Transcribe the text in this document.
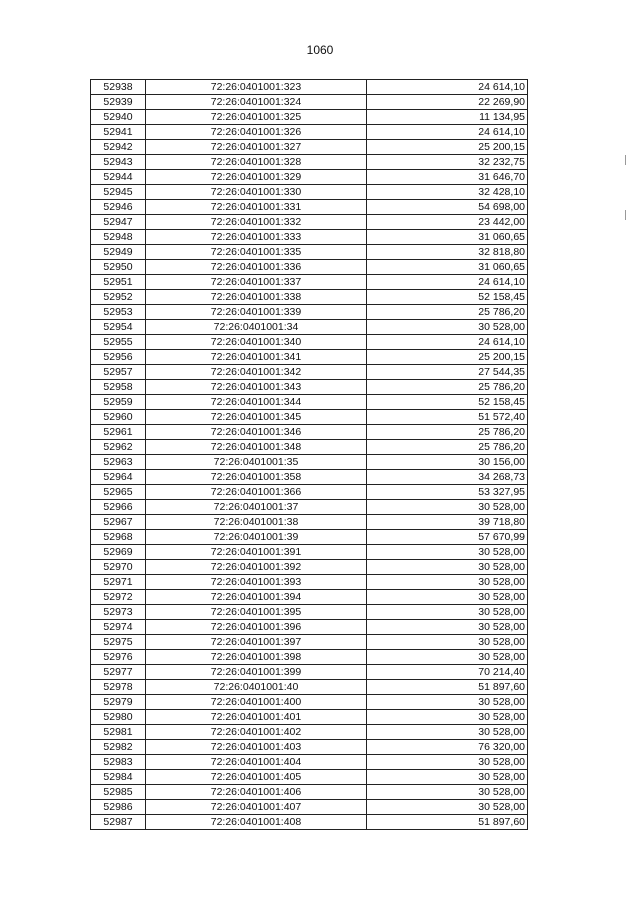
1060
52938	72:26:0401001:323	24 614,10
52939	72:26:0401001:324	22 269,90
52940	72:26:0401001:325	11 134,95
52941	72:26:0401001:326	24 614,10
52942	72:26:0401001:327	25 200,15
52943	72:26:0401001:328	32 232,75
52944	72:26:0401001:329	31 646,70
52945	72:26:0401001:330	32 428,10
52946	72:26:0401001:331	54 698,00
52947	72:26:0401001:332	23 442,00
52948	72:26:0401001:333	31 060,65
52949	72:26:0401001:335	32 818,80
52950	72:26:0401001:336	31 060,65
52951	72:26:0401001:337	24 614,10
52952	72:26:0401001:338	52 158,45
52953	72:26:0401001:339	25 786,20
52954	72:26:0401001:34	30 528,00
52955	72:26:0401001:340	24 614,10
52956	72:26:0401001:341	25 200,15
52957	72:26:0401001:342	27 544,35
52958	72:26:0401001:343	25 786,20
52959	72:26:0401001:344	52 158,45
52960	72:26:0401001:345	51 572,40
52961	72:26:0401001:346	25 786,20
52962	72:26:0401001:348	25 786,20
52963	72:26:0401001:35	30 156,00
52964	72:26:0401001:358	34 268,73
52965	72:26:0401001:366	53 327,95
52966	72:26:0401001:37	30 528,00
52967	72:26:0401001:38	39 718,80
52968	72:26:0401001:39	57 670,99
52969	72:26:0401001:391	30 528,00
52970	72:26:0401001:392	30 528,00
52971	72:26:0401001:393	30 528,00
52972	72:26:0401001:394	30 528,00
52973	72:26:0401001:395	30 528,00
52974	72:26:0401001:396	30 528,00
52975	72:26:0401001:397	30 528,00
52976	72:26:0401001:398	30 528,00
52977	72:26:0401001:399	70 214,40
52978	72:26:0401001:40	51 897,60
52979	72:26:0401001:400	30 528,00
52980	72:26:0401001:401	30 528,00
52981	72:26:0401001:402	30 528,00
52982	72:26:0401001:403	76 320,00
52983	72:26:0401001:404	30 528,00
52984	72:26:0401001:405	30 528,00
52985	72:26:0401001:406	30 528,00
52986	72:26:0401001:407	30 528,00
52987	72:26:0401001:408	51 897,60
